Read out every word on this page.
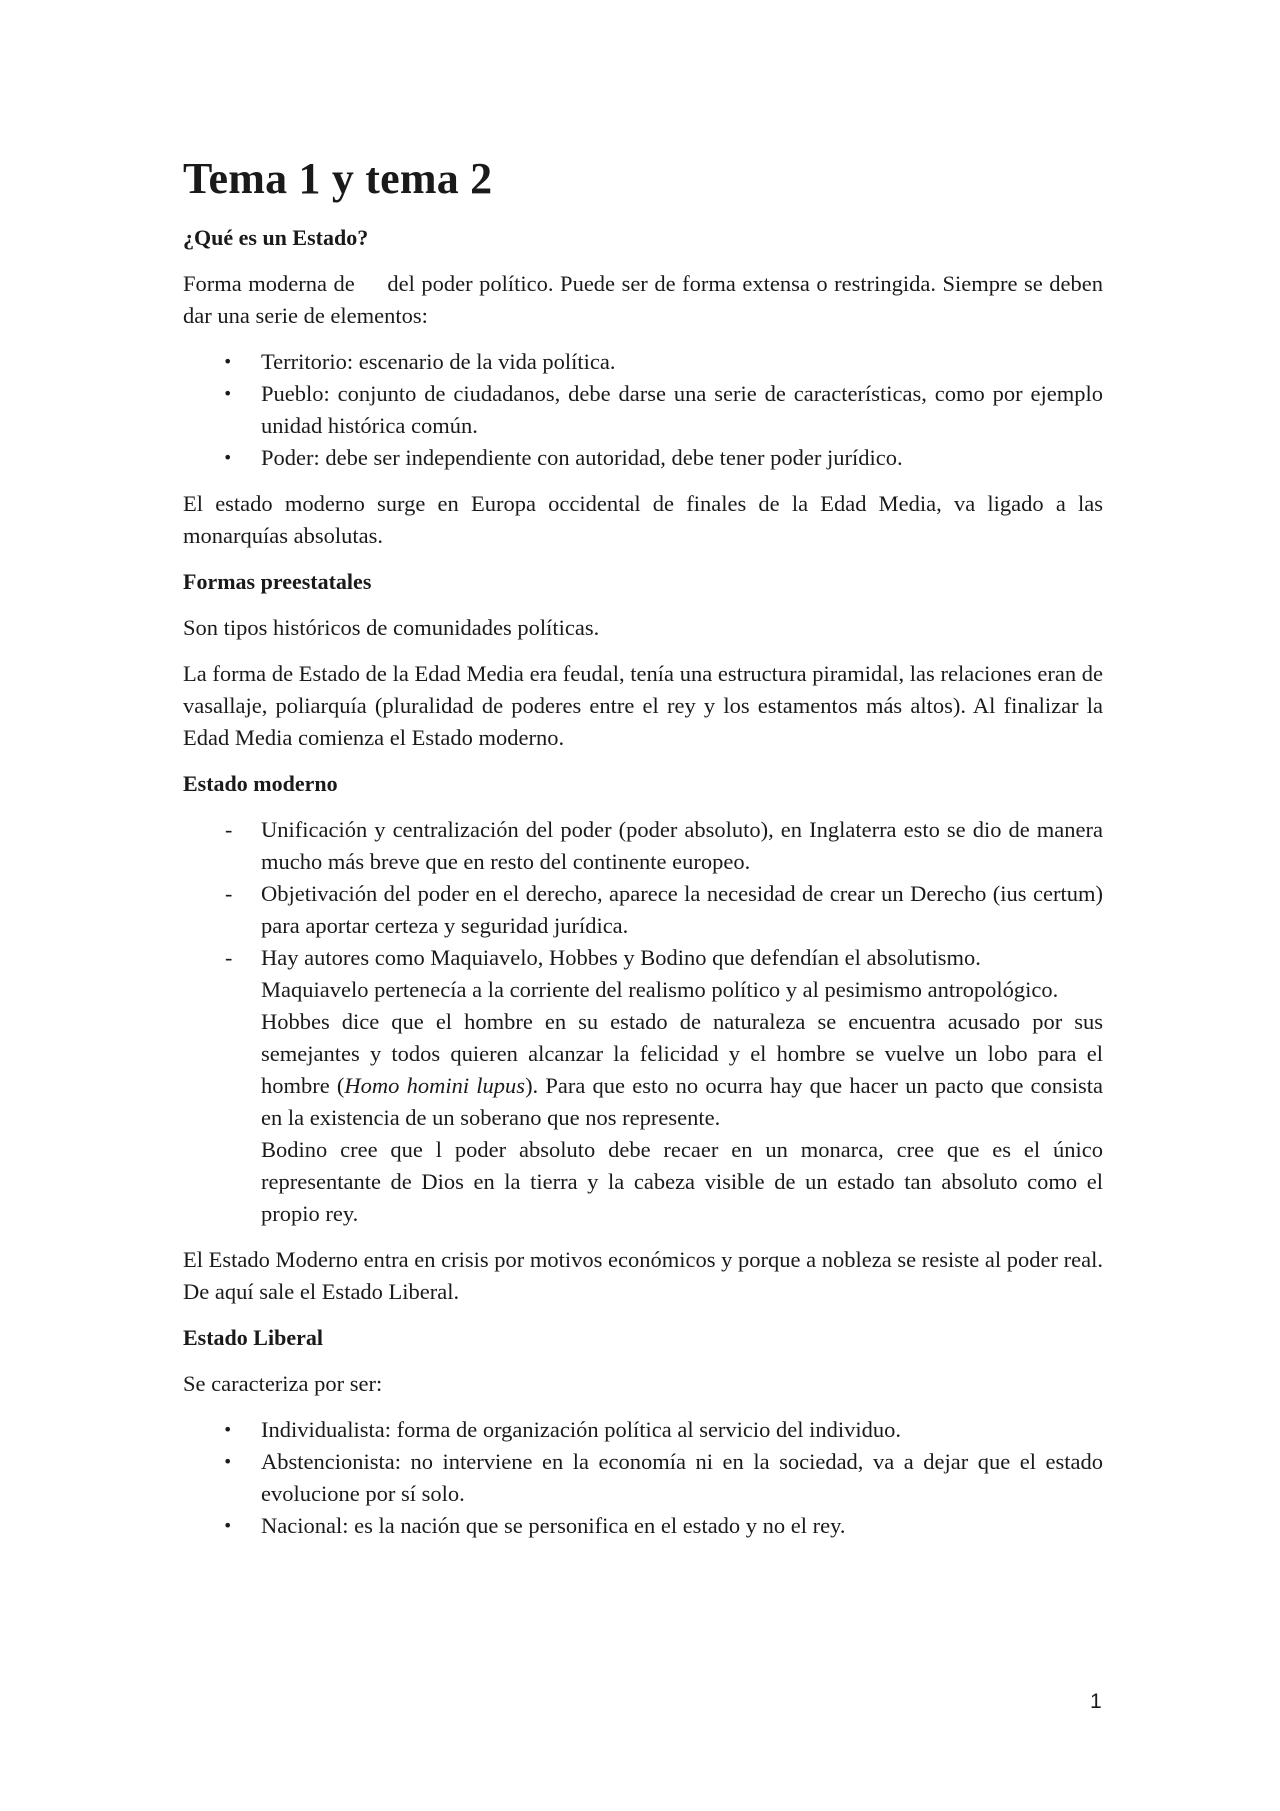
Tema 1 y tema 2
¿Qué es un Estado?

Forma moderna de     del poder político. Puede ser de forma extensa o restringida. Siempre se deben dar una serie de elementos:

•	Territorio: escenario de la vida política.
•	Pueblo: conjunto de ciudadanos, debe darse una serie de características, como por ejemplo unidad histórica común.
•	Poder: debe ser independiente con autoridad, debe tener poder jurídico.

El estado moderno surge en Europa occidental de finales de la Edad Media, va ligado a las monarquías absolutas.

Formas preestatales

Son tipos históricos de comunidades políticas.

La forma de Estado de la Edad Media era feudal, tenía una estructura piramidal, las relaciones eran de vasallaje, poliarquía (pluralidad de poderes entre el rey y los estamentos más altos). Al finalizar la Edad Media comienza el Estado moderno.

Estado moderno
-	Unificación y centralización del poder (poder absoluto), en Inglaterra esto se dio de manera mucho más breve que en resto del continente europeo.
-	Objetivación del poder en el derecho, aparece la necesidad de crear un Derecho (ius certum) para aportar certeza y seguridad jurídica.
-	Hay autores como Maquiavelo, Hobbes y Bodino que defendían el absolutismo.
Maquiavelo pertenecía a la corriente del realismo político y al pesimismo antropológico.
Hobbes dice que el hombre en su estado de naturaleza se encuentra acusado por sus semejantes y todos quieren alcanzar la felicidad y el hombre se vuelve un lobo para el hombre (Homo homini lupus). Para que esto no ocurra hay que hacer un pacto que consista en la existencia de un soberano que nos represente.
Bodino cree que l poder absoluto debe recaer en un monarca, cree que es el único representante de Dios en la tierra y la cabeza visible de un estado tan absoluto como el propio rey.

El Estado Moderno entra en crisis por motivos económicos y porque a nobleza se resiste al poder real. De aquí sale el Estado Liberal.

Estado Liberal

Se caracteriza por ser:

•	Individualista: forma de organización política al servicio del individuo.
•	Abstencionista: no interviene en la economía ni en la sociedad, va a dejar que el estado evolucione por sí solo.
•	Nacional: es la nación que se personifica en el estado y no el rey.
1
